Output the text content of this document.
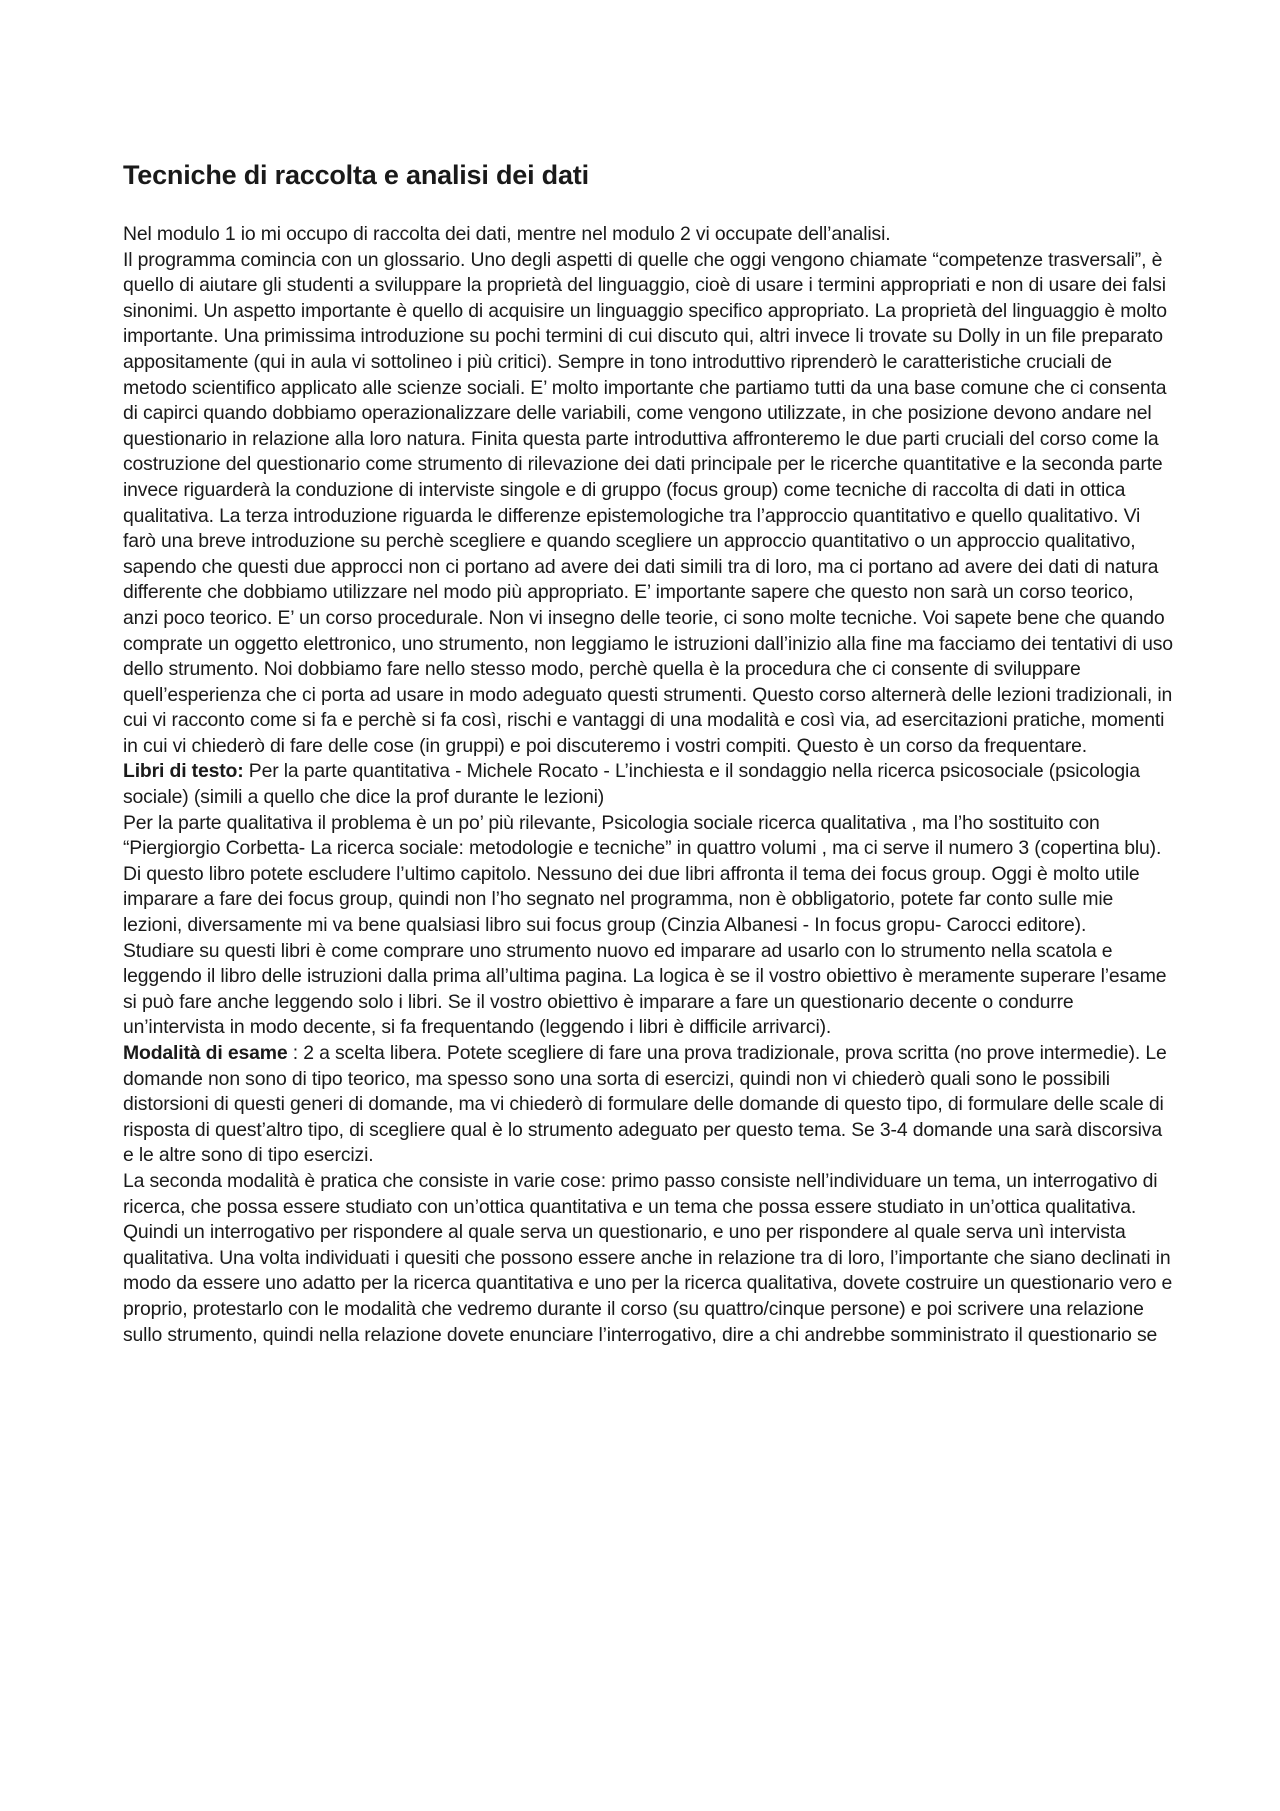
Tecniche di raccolta e analisi dei dati

Nel modulo 1 io mi occupo di raccolta dei dati, mentre nel modulo 2 vi occupate dell’analisi.

Il programma comincia con un glossario. Uno degli aspetti di quelle che oggi vengono chiamate “competenze trasversali”, è quello di aiutare gli studenti a sviluppare la proprietà del linguaggio, cioè di usare i termini appropriati e non di usare dei falsi sinonimi. Un aspetto importante è quello di acquisire un linguaggio specifico appropriato. La proprietà del linguaggio è molto importante. Una primissima introduzione su pochi termini di cui discuto qui, altri invece li trovate su Dolly in un file preparato appositamente (qui in aula vi sottolineo i più critici). Sempre in tono introduttivo riprenderò le caratteristiche cruciali de metodo scientifico applicato alle scienze sociali. E’ molto importante che partiamo tutti da una base comune che ci consenta di capirci quando dobbiamo operazionalizzare delle variabili, come vengono utilizzate, in che posizione devono andare nel questionario in relazione alla loro natura. Finita questa parte introduttiva affronteremo le due parti cruciali del corso come la costruzione del questionario come strumento di rilevazione dei dati principale per le ricerche quantitative e la seconda parte invece riguarderà la conduzione di interviste singole e di gruppo (focus group) come tecniche di raccolta di dati in ottica qualitativa. La terza introduzione riguarda le differenze epistemologiche tra l’approccio quantitativo e quello qualitativo. Vi farò una breve introduzione su perchè scegliere e quando scegliere un approccio quantitativo o un approccio qualitativo, sapendo che questi due approcci non ci portano ad avere dei dati simili tra di loro, ma ci portano ad avere dei dati di natura differente che dobbiamo utilizzare nel modo più appropriato. E’ importante sapere che questo non sarà un corso teorico, anzi poco teorico. E’ un corso procedurale. Non vi insegno delle teorie, ci sono molte tecniche. Voi sapete bene che quando comprate un oggetto elettronico, uno strumento, non leggiamo le istruzioni dall’inizio alla fine ma facciamo dei tentativi di uso dello strumento. Noi dobbiamo fare nello stesso modo, perchè quella è la procedura che ci consente di sviluppare quell’esperienza che ci porta ad usare in modo adeguato questi strumenti. Questo corso alternerà delle lezioni tradizionali, in cui vi racconto come si fa e perchè si fa così, rischi e vantaggi di una modalità e così via, ad esercitazioni pratiche, momenti in cui vi chiederò di fare delle cose (in gruppi) e poi discuteremo i vostri compiti. Questo è un corso da frequentare.

Libri di testo: Per la parte quantitativa - Michele Rocato - L’inchiesta e il sondaggio nella ricerca psicosociale (psicologia sociale) (simili a quello che dice la prof durante le lezioni)

Per la parte qualitativa il problema è un po’ più rilevante, Psicologia sociale ricerca qualitativa , ma l’ho sostituito con “Piergiorgio Corbetta- La ricerca sociale: metodologie e tecniche” in quattro volumi , ma ci serve il numero 3 (copertina blu). Di questo libro potete escludere l’ultimo capitolo. Nessuno dei due libri affronta il tema dei focus group. Oggi è molto utile imparare a fare dei focus group, quindi non l’ho segnato nel programma, non è obbligatorio, potete far conto sulle mie lezioni, diversamente mi va bene qualsiasi libro sui focus group (Cinzia Albanesi - In focus gropu- Carocci editore).

Studiare su questi libri è come comprare uno strumento nuovo ed imparare ad usarlo con lo strumento nella scatola e leggendo il libro delle istruzioni dalla prima all’ultima pagina. La logica è se il vostro obiettivo è meramente superare l’esame si può fare anche leggendo solo i libri. Se il vostro obiettivo è imparare a fare un questionario decente o condurre un’intervista in modo decente, si fa frequentando (leggendo i libri è difficile arrivarci).

Modalità di esame : 2 a scelta libera. Potete scegliere di fare una prova tradizionale, prova scritta (no prove intermedie). Le domande non sono di tipo teorico, ma spesso sono una sorta di esercizi, quindi non vi chiederò quali sono le possibili distorsioni di questi generi di domande, ma vi chiederò di formulare delle domande di questo tipo, di formulare delle scale di risposta di quest’altro tipo, di scegliere qual è lo strumento adeguato per questo tema. Se 3-4 domande una sarà discorsiva e le altre sono di tipo esercizi.

La seconda modalità è pratica che consiste in varie cose: primo passo consiste nell’individuare un tema, un interrogativo di ricerca, che possa essere studiato con un’ottica quantitativa e un tema che possa essere studiato in un’ottica qualitativa. Quindi un interrogativo per rispondere al quale serva un questionario, e uno per rispondere al quale serva unì intervista qualitativa. Una volta individuati i quesiti che possono essere anche in relazione tra di loro, l’importante che siano declinati in modo da essere uno adatto per la ricerca quantitativa e uno per la ricerca qualitativa, dovete costruire un questionario vero e proprio, protestarlo con le modalità che vedremo durante il corso (su quattro/cinque persone) e poi scrivere una relazione sullo strumento, quindi nella relazione dovete enunciare l’interrogativo, dire a chi andrebbe somministrato il questionario se
